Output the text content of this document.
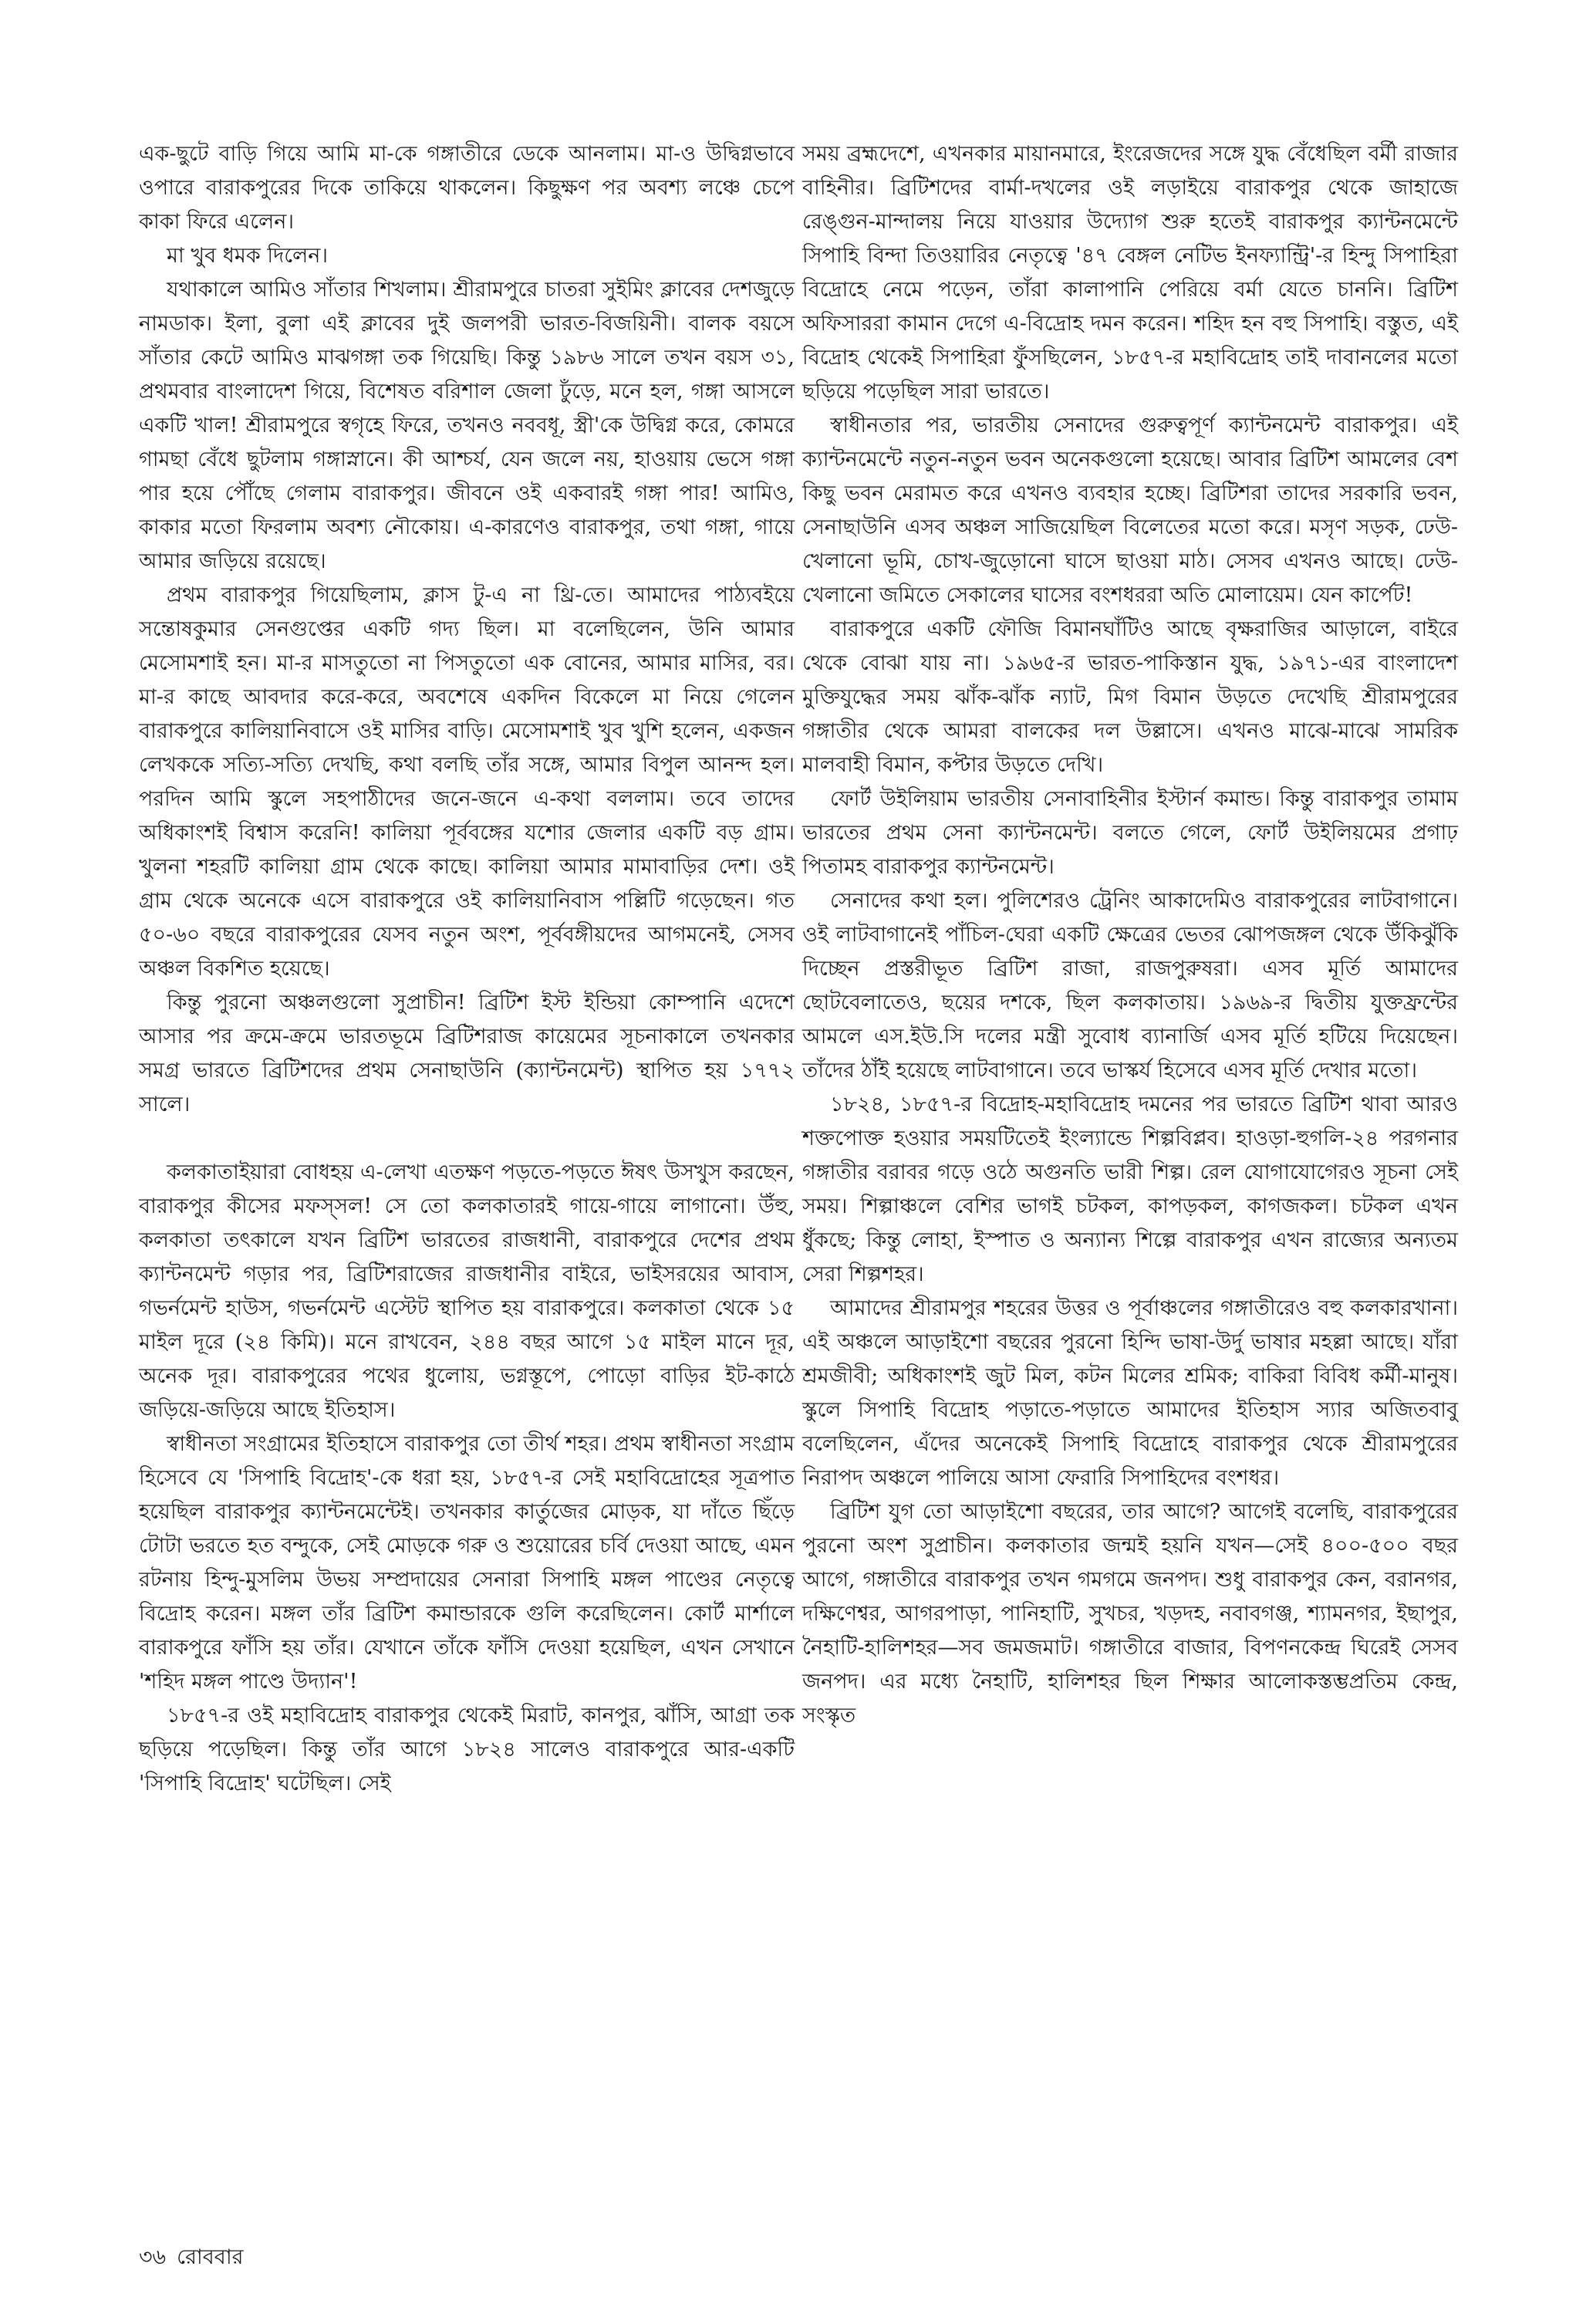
এক-ছুটে বাড়ি গিয়ে আমি মা-কে গঙ্গাতীরে ডেকে আনলাম। মা-ও উদ্বিগ্নভাবে ওপারে বারাকপুরের দিকে তাকিয়ে থাকলেন। কিছুক্ষণ পর অবশ্য লঞ্চে চেপে কাকা ফিরে এলেন।

মা খুব ধমক দিলেন।

যথাকালে আমিও সাঁতার শিখলাম। শ্রীরামপুরে চাতরা সুইমিং ক্লাবের দেশজুড়ে নামডাক। ইলা, বুলা এই ক্লাবের দুই জলপরী ভারত-বিজয়িনী। বালক বয়সে সাঁতার কেটে আমিও মাঝগঙ্গা তক গিয়েছি। কিন্তু ১৯৮৬ সালে তখন বয়স ৩১, প্রথমবার বাংলাদেশ গিয়ে, বিশেষত বরিশাল জেলা ঢুঁড়ে, মনে হল, গঙ্গা আসলে একটি খাল! শ্রীরামপুরে স্বগৃহে ফিরে, তখনও নববধূ, স্ত্রী'কে উদ্বিগ্ন করে, কোমরে গামছা বেঁধে ছুটলাম গঙ্গাস্নানে। কী আশ্চর্য, যেন জলে নয়, হাওয়ায় ভেসে গঙ্গা পার হয়ে পৌঁছে গেলাম বারাকপুর। জীবনে ওই একবারই গঙ্গা পার! আমিও, কাকার মতো ফিরলাম অবশ্য নৌকোয়। এ-কারণেও বারাকপুর, তথা গঙ্গা, গায়ে আমার জড়িয়ে রয়েছে।

প্রথম বারাকপুর গিয়েছিলাম, ক্লাস টু-এ না থ্রি-তে। আমাদের পাঠ্যবইয়ে সন্তোষকুমার সেনগুপ্তের একটি গদ্য ছিল। মা বলেছিলেন, উনি আমার মেসোমশাই হন। মা-র মাসতুতো না পিসতুতো এক বোনের, আমার মাসির, বর। মা-র কাছে আবদার করে-করে, অবশেষে একদিন বিকেলে মা নিয়ে গেলেন বারাকপুরে কালিয়ানিবাসে ওই মাসির বাড়ি। মেসোমশাই খুব খুশি হলেন, একজন লেখককে সত্যি-সত্যি দেখছি, কথা বলছি তাঁর সঙ্গে, আমার বিপুল আনন্দ হল। পরদিন আমি স্কুলে সহপাঠীদের জনে-জনে এ-কথা বললাম। তবে তাদের অধিকাংশই বিশ্বাস করেনি! কালিয়া পূর্ববঙ্গের যশোর জেলার একটি বড় গ্রাম। খুলনা শহরটি কালিয়া গ্রাম থেকে কাছে। কালিয়া আমার মামাবাড়ির দেশ। ওই গ্রাম থেকে অনেকে এসে বারাকপুরে ওই কালিয়ানিবাস পল্লিটি গড়েছেন। গত ৫০-৬০ বছরে বারাকপুরের যেসব নতুন অংশ, পূর্ববঙ্গীয়দের আগমনেই, সেসব অঞ্চল বিকশিত হয়েছে।

কিন্তু পুরনো অঞ্চলগুলো সুপ্রাচীন! ব্রিটিশ ইস্ট ইন্ডিয়া কোম্পানি এদেশে আসার পর ক্রমে-ক্রমে ভারতভূমে ব্রিটিশরাজ কায়েমের সূচনাকালে তখনকার সমগ্র ভারতে ব্রিটিশদের প্রথম সেনাছাউনি (ক্যান্টনমেন্ট) স্থাপিত হয় ১৭৭২ সালে।

কলকাতাইয়ারা বোধহয় এ-লেখা এতক্ষণ পড়তে-পড়তে ঈষৎ উসখুস করছেন, বারাকপুর কীসের মফস্সল! সে তো কলকাতারই গায়ে-গায়ে লাগানো। উঁহু, কলকাতা তৎকালে যখন ব্রিটিশ ভারতের রাজধানী, বারাকপুরে দেশের প্রথম ক্যান্টনমেন্ট গড়ার পর, ব্রিটিশরাজের রাজধানীর বাইরে, ভাইসরয়ের আবাস, গভর্নমেন্ট হাউস, গভর্নমেন্ট এস্টেট স্থাপিত হয় বারাকপুরে। কলকাতা থেকে ১৫ মাইল দূরে (২৪ কিমি)। মনে রাখবেন, ২৪৪ বছর আগে ১৫ মাইল মানে দূর, অনেক দূর। বারাকপুরের পথের ধুলোয়, ভগ্নস্তূপে, পোড়ো বাড়ির ইট-কাঠে জড়িয়ে-জড়িয়ে আছে ইতিহাস।

স্বাধীনতা সংগ্রামের ইতিহাসে বারাকপুর তো তীর্থ শহর। প্রথম স্বাধীনতা সংগ্রাম হিসেবে যে 'সিপাহি বিদ্রোহ'-কে ধরা হয়, ১৮৫৭-র সেই মহাবিদ্রোহের সূত্রপাত হয়েছিল বারাকপুর ক্যান্টনমেন্টেই। তখনকার কার্তুজের মোড়ক, যা দাঁতে ছিঁড়ে টোটা ভরতে হত বন্দুকে, সেই মোড়কে গরু ও শুয়োরের চর্বি দেওয়া আছে, এমন রটনায় হিন্দু-মুসলিম উভয় সম্প্রদায়ের সেনারা সিপাহি মঙ্গল পাণ্ডের নেতৃত্বে বিদ্রোহ করেন। মঙ্গল তাঁর ব্রিটিশ কমান্ডারকে গুলি করেছিলেন। কোর্ট মার্শালে বারাকপুরে ফাঁসি হয় তাঁর। যেখানে তাঁকে ফাঁসি দেওয়া হয়েছিল, এখন সেখানে 'শহিদ মঙ্গল পাণ্ডে উদ্যান'!

১৮৫৭-র ওই মহাবিদ্রোহ বারাকপুর থেকেই মিরাট, কানপুর, ঝাঁসি, আগ্রা তক ছড়িয়ে পড়েছিল। কিন্তু তাঁর আগে ১৮২৪ সালেও বারাকপুরে আর-একটি 'সিপাহি বিদ্রোহ' ঘটেছিল। সেই

সময় ব্রহ্মদেশে, এখনকার মায়ানমারে, ইংরেজদের সঙ্গে যুদ্ধ বেঁধেছিল বর্মী রাজার বাহিনীর। ব্রিটিশদের বার্মা-দখলের ওই লড়াইয়ে বারাকপুর থেকে জাহাজে রেঙ্গুন-মান্দালয় নিয়ে যাওয়ার উদ্যোগ শুরু হতেই বারাকপুর ক্যান্টনমেন্টে সিপাহি বিন্দা তিওয়ারির নেতৃত্বে '৪৭ বেঙ্গল নেটিভ ইনফ্যান্ট্রি'-র হিন্দু সিপাহিরা বিদ্রোহে নেমে পড়েন, তাঁরা কালাপানি পেরিয়ে বর্মা যেতে চাননি। ব্রিটিশ অফিসাররা কামান দেগে এ-বিদ্রোহ দমন করেন। শহিদ হন বহু সিপাহি। বস্তুত, এই বিদ্রোহ থেকেই সিপাহিরা ফুঁসছিলেন, ১৮৫৭-র মহাবিদ্রোহ তাই দাবানলের মতো ছড়িয়ে পড়েছিল সারা ভারতে।

স্বাধীনতার পর, ভারতীয় সেনাদের গুরুত্বপূর্ণ ক্যান্টনমেন্ট বারাকপুর। এই ক্যান্টনমেন্টে নতুন-নতুন ভবন অনেকগুলো হয়েছে। আবার ব্রিটিশ আমলের বেশ কিছু ভবন মেরামত করে এখনও ব্যবহার হচ্ছে। ব্রিটিশরা তাদের সরকারি ভবন, সেনাছাউনি এসব অঞ্চল সাজিয়েছিল বিলেতের মতো করে। মসৃণ সড়ক, ঢেউ-খেলানো ভূমি, চোখ-জুড়োনো ঘাসে ছাওয়া মাঠ। সেসব এখনও আছে। ঢেউ-খেলানো জমিতে সেকালের ঘাসের বংশধররা অতি মোলায়েম। যেন কার্পেট!

বারাকপুরে একটি ফৌজি বিমানঘাঁটিও আছে বৃক্ষরাজির আড়ালে, বাইরে থেকে বোঝা যায় না। ১৯৬৫-র ভারত-পাকিস্তান যুদ্ধ, ১৯৭১-এর বাংলাদেশ মুক্তিযুদ্ধের সময় ঝাঁক-ঝাঁক ন্যাট, মিগ বিমান উড়তে দেখেছি শ্রীরামপুরের গঙ্গাতীর থেকে আমরা বালকের দল উল্লাসে। এখনও মাঝে-মাঝে সামরিক মালবাহী বিমান, কপ্টার উড়তে দেখি।

ফোর্ট উইলিয়াম ভারতীয় সেনাবাহিনীর ইস্টার্ন কমান্ড। কিন্তু বারাকপুর তামাম ভারতের প্রথম সেনা ক্যান্টনমেন্ট। বলতে গেলে, ফোর্ট উইলিয়মের প্রগাঢ় পিতামহ বারাকপুর ক্যান্টনমেন্ট।

সেনাদের কথা হল। পুলিশেরও ট্রেনিং আকাদেমিও বারাকপুরের লাটবাগানে। ওই লাটবাগানেই পাঁচিল-ঘেরা একটি ক্ষেত্রের ভেতর ঝোপজঙ্গল থেকে উঁকিঝুঁকি দিচ্ছেন প্রস্তরীভূত ব্রিটিশ রাজা, রাজপুরুষরা। এসব মূর্তি আমাদের ছোটবেলাতেও, ছয়ের দশকে, ছিল কলকাতায়। ১৯৬৯-র দ্বিতীয় যুক্তফ্রন্টের আমলে এস.ইউ.সি দলের মন্ত্রী সুবোধ ব্যানার্জি এসব মূর্তি হটিয়ে দিয়েছেন। তাঁদের ঠাঁই হয়েছে লাটবাগানে। তবে ভাস্কর্য হিসেবে এসব মূর্তি দেখার মতো।

১৮২৪, ১৮৫৭-র বিদ্রোহ-মহাবিদ্রোহ দমনের পর ভারতে ব্রিটিশ থাবা আরও শক্তপোক্ত হওয়ার সময়টিতেই ইংল্যান্ডে শিল্পবিপ্লব। হাওড়া-হুগলি-২৪ পরগনার গঙ্গাতীর বরাবর গড়ে ওঠে অগুনতি ভারী শিল্প। রেল যোগাযোগেরও সূচনা সেই সময়। শিল্পাঞ্চলে বেশির ভাগই চটকল, কাপড়কল, কাগজকল। চটকল এখন ধুঁকছে; কিন্তু লোহা, ইস্পাত ও অন্যান্য শিল্পে বারাকপুর এখন রাজ্যের অন্যতম সেরা শিল্পশহর।

আমাদের শ্রীরামপুর শহরের উত্তর ও পূর্বাঞ্চলের গঙ্গাতীরেও বহু কলকারখানা। এই অঞ্চলে আড়াইশো বছরের পুরনো হিন্দি ভাষা-উর্দু ভাষার মহল্লা আছে। যাঁরা শ্রমজীবী; অধিকাংশই জুট মিল, কটন মিলের শ্রমিক; বাকিরা বিবিধ কর্মী-মানুষ। স্কুলে সিপাহি বিদ্রোহ পড়াতে-পড়াতে আমাদের ইতিহাস স্যার অজিতবাবু বলেছিলেন, এঁদের অনেকেই সিপাহি বিদ্রোহে বারাকপুর থেকে শ্রীরামপুরের নিরাপদ অঞ্চলে পালিয়ে আসা ফেরারি সিপাহিদের বংশধর।

ব্রিটিশ যুগ তো আড়াইশো বছরের, তার আগে? আগেই বলেছি, বারাকপুরের পুরনো অংশ সুপ্রাচীন। কলকাতার জন্মই হয়নি যখন—সেই ৪০০-৫০০ বছর আগে, গঙ্গাতীরে বারাকপুর তখন গমগমে জনপদ। শুধু বারাকপুর কেন, বরানগর, দক্ষিণেশ্বর, আগরপাড়া, পানিহাটি, সুখচর, খড়দহ, নবাবগঞ্জ, শ্যামনগর, ইছাপুর, নৈহাটি-হালিশহর—সব জমজমাট। গঙ্গাতীরে বাজার, বিপণনকেন্দ্র ঘিরেই সেসব জনপদ। এর মধ্যে নৈহাটি, হালিশহর ছিল শিক্ষার আলোকস্তম্ভপ্রতিম কেন্দ্র, সংস্কৃত

৩৬ রোববার
